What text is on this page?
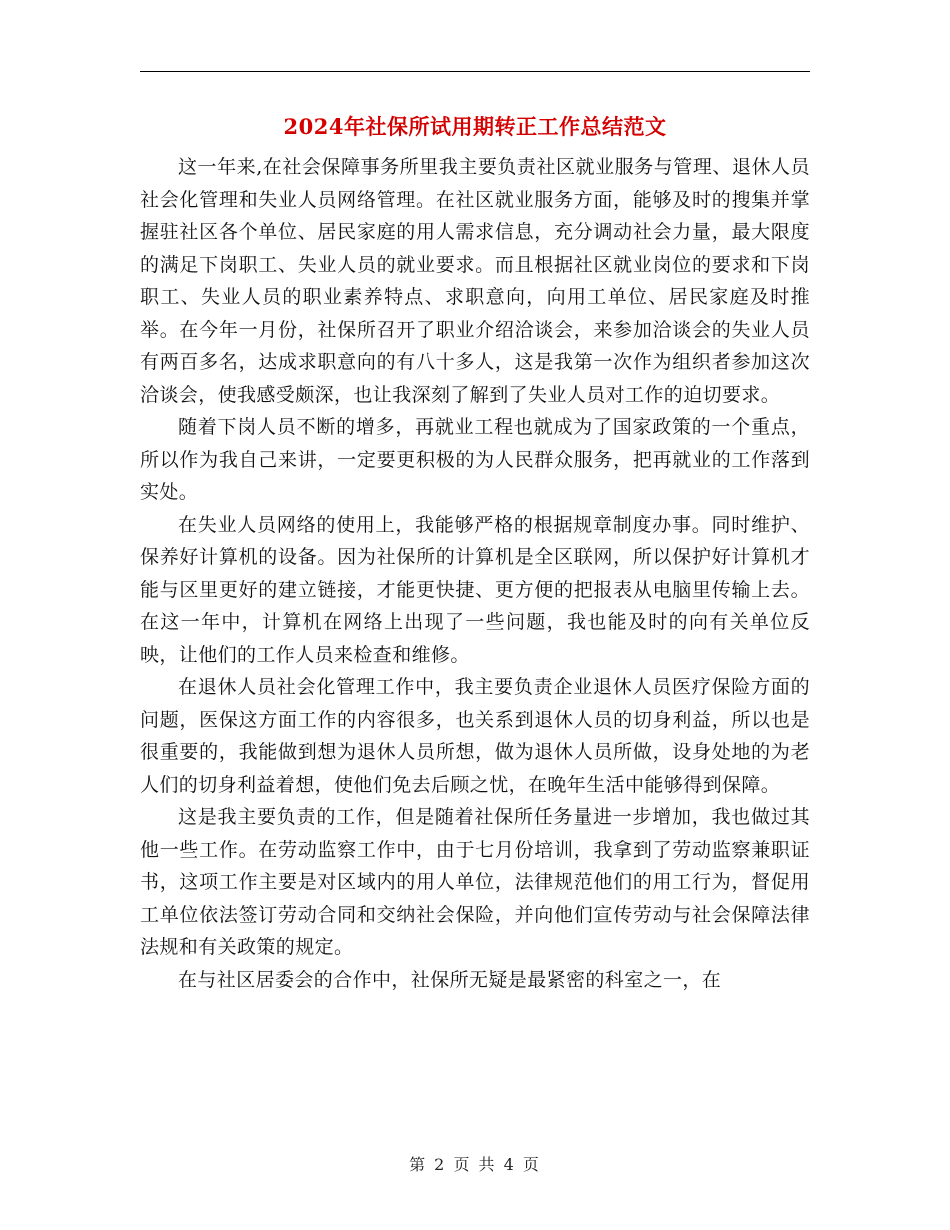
2024年社保所试用期转正工作总结范文

这一年来,在社会保障事务所里我主要负责社区就业服务与管理、退休人员社会化管理和失业人员网络管理。在社区就业服务方面，能够及时的搜集并掌握驻社区各个单位、居民家庭的用人需求信息，充分调动社会力量，最大限度的满足下岗职工、失业人员的就业要求。而且根据社区就业岗位的要求和下岗职工、失业人员的职业素养特点、求职意向，向用工单位、居民家庭及时推举。在今年一月份，社保所召开了职业介绍洽谈会，来参加洽谈会的失业人员有两百多名，达成求职意向的有八十多人，这是我第一次作为组织者参加这次洽谈会，使我感受颇深，也让我深刻了解到了失业人员对工作的迫切要求。

随着下岗人员不断的增多，再就业工程也就成为了国家政策的一个重点，所以作为我自己来讲，一定要更积极的为人民群众服务，把再就业的工作落到实处。

在失业人员网络的使用上，我能够严格的根据规章制度办事。同时维护、保养好计算机的设备。因为社保所的计算机是全区联网，所以保护好计算机才能与区里更好的建立链接，才能更快捷、更方便的把报表从电脑里传输上去。在这一年中，计算机在网络上出现了一些问题，我也能及时的向有关单位反映，让他们的工作人员来检查和维修。

在退休人员社会化管理工作中，我主要负责企业退休人员医疗保险方面的问题，医保这方面工作的内容很多，也关系到退休人员的切身利益，所以也是很重要的，我能做到想为退休人员所想，做为退休人员所做，设身处地的为老人们的切身利益着想，使他们免去后顾之忧，在晚年生活中能够得到保障。

这是我主要负责的工作，但是随着社保所任务量进一步增加，我也做过其他一些工作。在劳动监察工作中，由于七月份培训，我拿到了劳动监察兼职证书，这项工作主要是对区域内的用人单位，法律规范他们的用工行为，督促用工单位依法签订劳动合同和交纳社会保险，并向他们宣传劳动与社会保障法律法规和有关政策的规定。

在与社区居委会的合作中，社保所无疑是最紧密的科室之一，在

第 2 页 共 4 页
